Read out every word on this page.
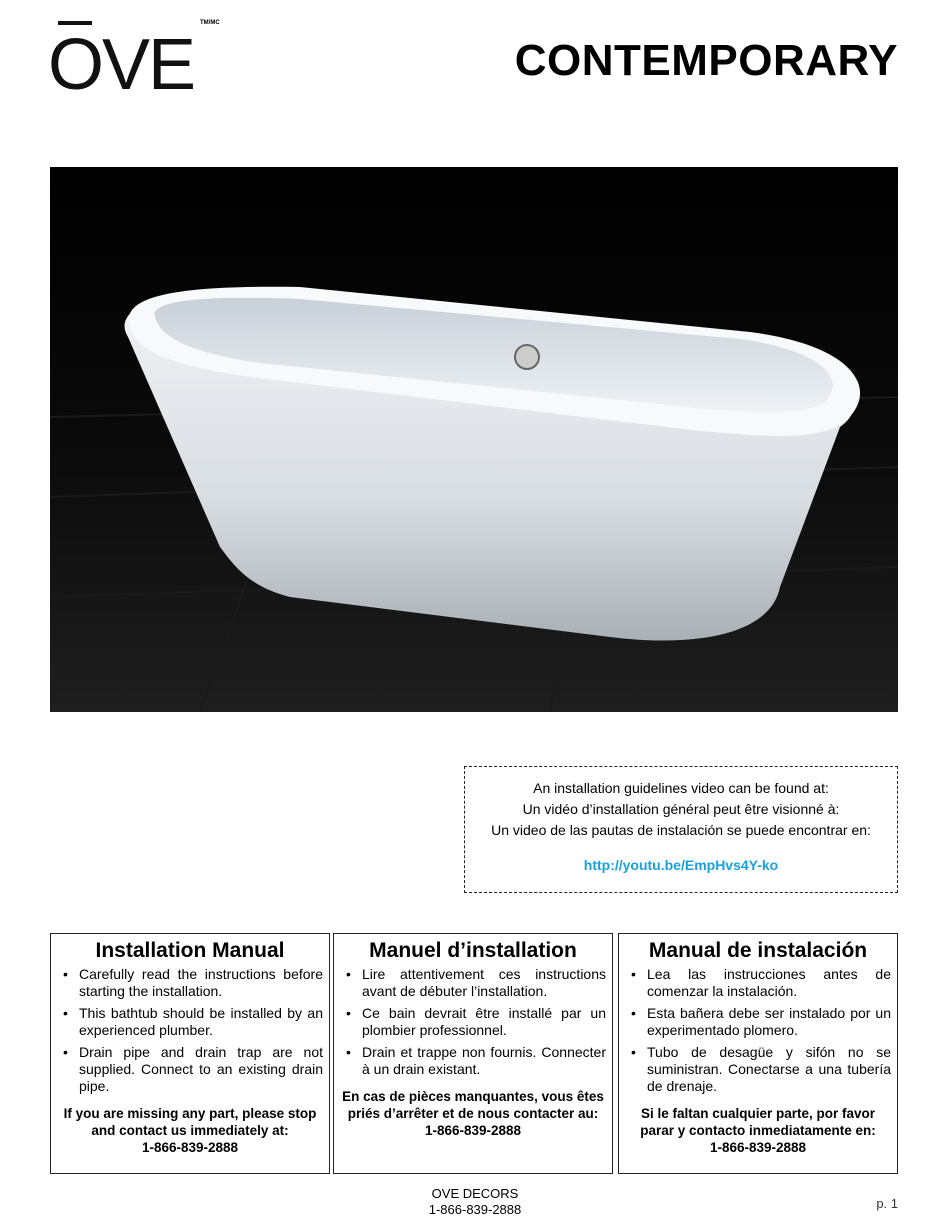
OVE
TM/MC
CONTEMPORARY
An installation guidelines video can be found at:
Un vidéo d’installation général peut être visionné à:
Un video de las pautas de instalación se puede encontrar en:
http://youtu.be/EmpHvs4Y-ko
Installation Manual
• Carefully read the instructions before starting the installation.
• This bathtub should be installed by an experienced plumber.
• Drain pipe and drain trap are not supplied. Connect to an existing drain pipe.
If you are missing any part, please stop and contact us immediately at:
1-866-839-2888
Manuel d’installation
• Lire attentivement ces instructions avant de débuter l’installation.
• Ce bain devrait être installé par un plombier professionnel.
• Drain et trappe non fournis. Connecter à un drain existant.
En cas de pièces manquantes, vous êtes priés d’arrêter et de nous contacter au:
1-866-839-2888
Manual de instalación
• Lea las instrucciones antes de comenzar la instalación.
• Esta bañera debe ser instalado por un experimentado plomero.
• Tubo de desagüe y sifón no se suministran. Conectarse a una tubería de drenaje.
Si le faltan cualquier parte, por favor parar y contacto inmediatamente en:
1-866-839-2888
OVE DECORS
1-866-839-2888	p. 1
